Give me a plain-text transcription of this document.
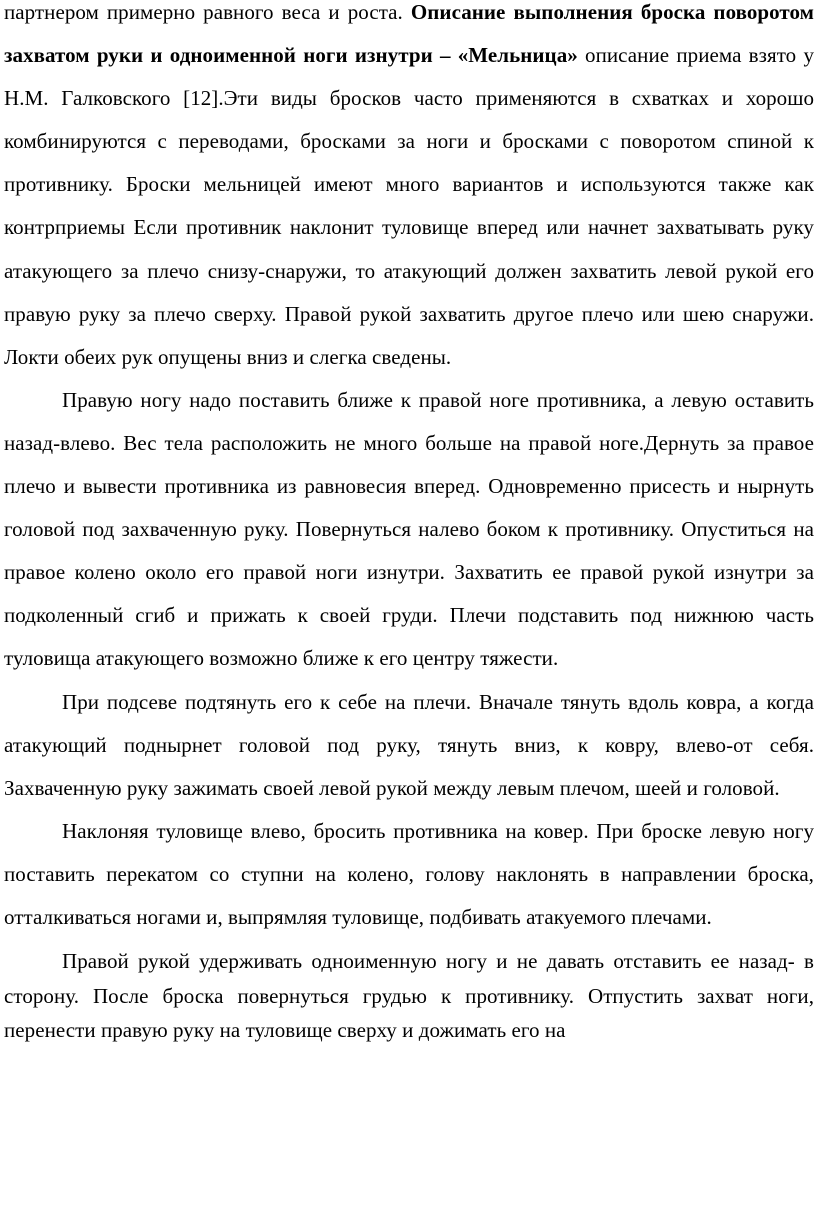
партнером примерно равного веса и роста. Описание выполнения броска поворотом захватом руки и одноименной ноги изнутри – «Мельница» описание приема взято у Н.М. Галковского [12].Эти виды бросков часто применяются в схватках и хорошо комбинируются с переводами, бросками за ноги и бросками с поворотом спиной к противнику. Броски мельницей имеют много вариантов и используются также как контрприемы Если противник наклонит туловище вперед или начнет захватывать руку атакующего за плечо снизу-снаружи, то атакующий должен захватить левой рукой его правую руку за плечо сверху. Правой рукой захватить другое плечо или шею снаружи. Локти обеих рук опущены вниз и слегка сведены.

Правую ногу надо поставить ближе к правой ноге противника, а левую оставить назад-влево. Вес тела расположить не много больше на правой ноге.Дернуть за правое плечо и вывести противника из равновесия вперед. Одновременно присесть и нырнуть головой под захваченную руку. Повернуться налево боком к противнику. Опуститься на правое колено около его правой ноги изнутри. Захватить ее правой рукой изнутри за подколенный сгиб и прижать к своей груди. Плечи подставить под нижнюю часть туловища атакующего возможно ближе к его центру тяжести.

При подсеве подтянуть его к себе на плечи. Вначале тянуть вдоль ковра, а когда атакующий поднырнет головой под руку, тянуть вниз, к ковру, влево-от себя. Захваченную руку зажимать своей левой рукой между левым плечом, шеей и головой.

Наклоняя туловище влево, бросить противника на ковер. При броске левую ногу поставить перекатом со ступни на колено, голову наклонять в направлении броска, отталкиваться ногами и, выпрямляя туловище, подбивать атакуемого плечами.

Правой рукой удерживать одноименную ногу и не давать отставить ее назад- в сторону. После броска повернуться грудью к противнику. Отпустить захват ноги, перенести правую руку на туловище сверху и дожимать его на
